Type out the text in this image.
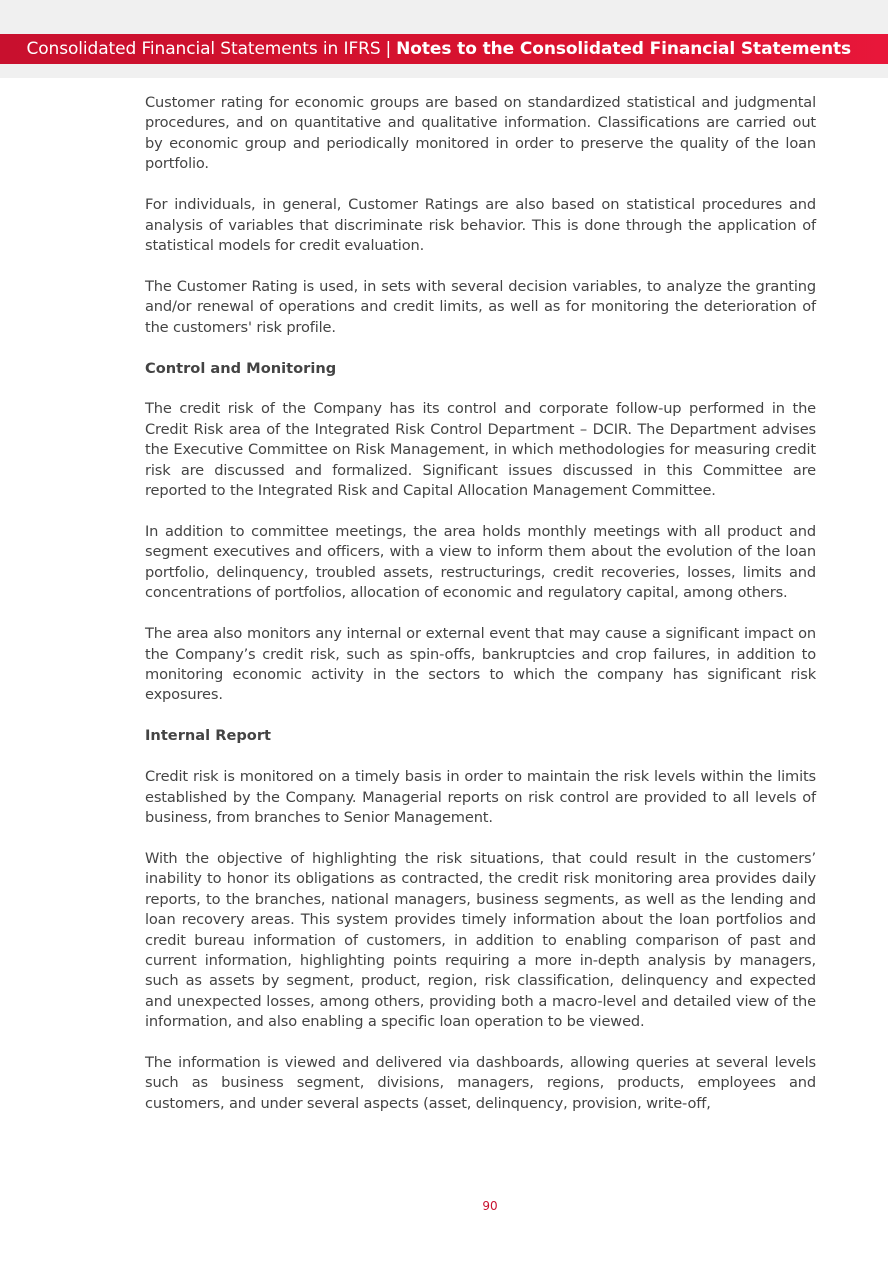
Consolidated Financial Statements in IFRS | Notes to the Consolidated Financial Statements

Customer rating for economic groups are based on standardized statistical and judgmental procedures, and on quantitative and qualitative information. Classifications are carried out by economic group and periodically monitored in order to preserve the quality of the loan portfolio.

For individuals, in general, Customer Ratings are also based on statistical procedures and analysis of variables that discriminate risk behavior. This is done through the application of statistical models for credit evaluation.

The Customer Rating is used, in sets with several decision variables, to analyze the granting and/or renewal of operations and credit limits, as well as for monitoring the deterioration of the customers' risk profile.

Control and Monitoring

The credit risk of the Company has its control and corporate follow-up performed in the Credit Risk area of the Integrated Risk Control Department – DCIR. The Department advises the Executive Committee on Risk Management, in which methodologies for measuring credit risk are discussed and formalized. Significant issues discussed in this Committee are reported to the Integrated Risk and Capital Allocation Management Committee.

In addition to committee meetings, the area holds monthly meetings with all product and segment executives and officers, with a view to inform them about the evolution of the loan portfolio, delinquency, troubled assets, restructurings, credit recoveries, losses, limits and concentrations of portfolios, allocation of economic and regulatory capital, among others.

The area also monitors any internal or external event that may cause a significant impact on the Company’s credit risk, such as spin-offs, bankruptcies and crop failures, in addition to monitoring economic activity in the sectors to which the company has significant risk exposures.

Internal Report

Credit risk is monitored on a timely basis in order to maintain the risk levels within the limits established by the Company. Managerial reports on risk control are provided to all levels of business, from branches to Senior Management.

With the objective of highlighting the risk situations, that could result in the customers’ inability to honor its obligations as contracted, the credit risk monitoring area provides daily reports, to the branches, national managers, business segments, as well as the lending and loan recovery areas. This system provides timely information about the loan portfolios and credit bureau information of customers, in addition to enabling comparison of past and current information, highlighting points requiring a more in-depth analysis by managers, such as assets by segment, product, region, risk classification, delinquency and expected and unexpected losses, among others, providing both a macro-level and detailed view of the information, and also enabling a specific loan operation to be viewed.

The information is viewed and delivered via dashboards, allowing queries at several levels such as business segment, divisions, managers, regions, products, employees and customers, and under several aspects (asset, delinquency, provision, write-off,

90
